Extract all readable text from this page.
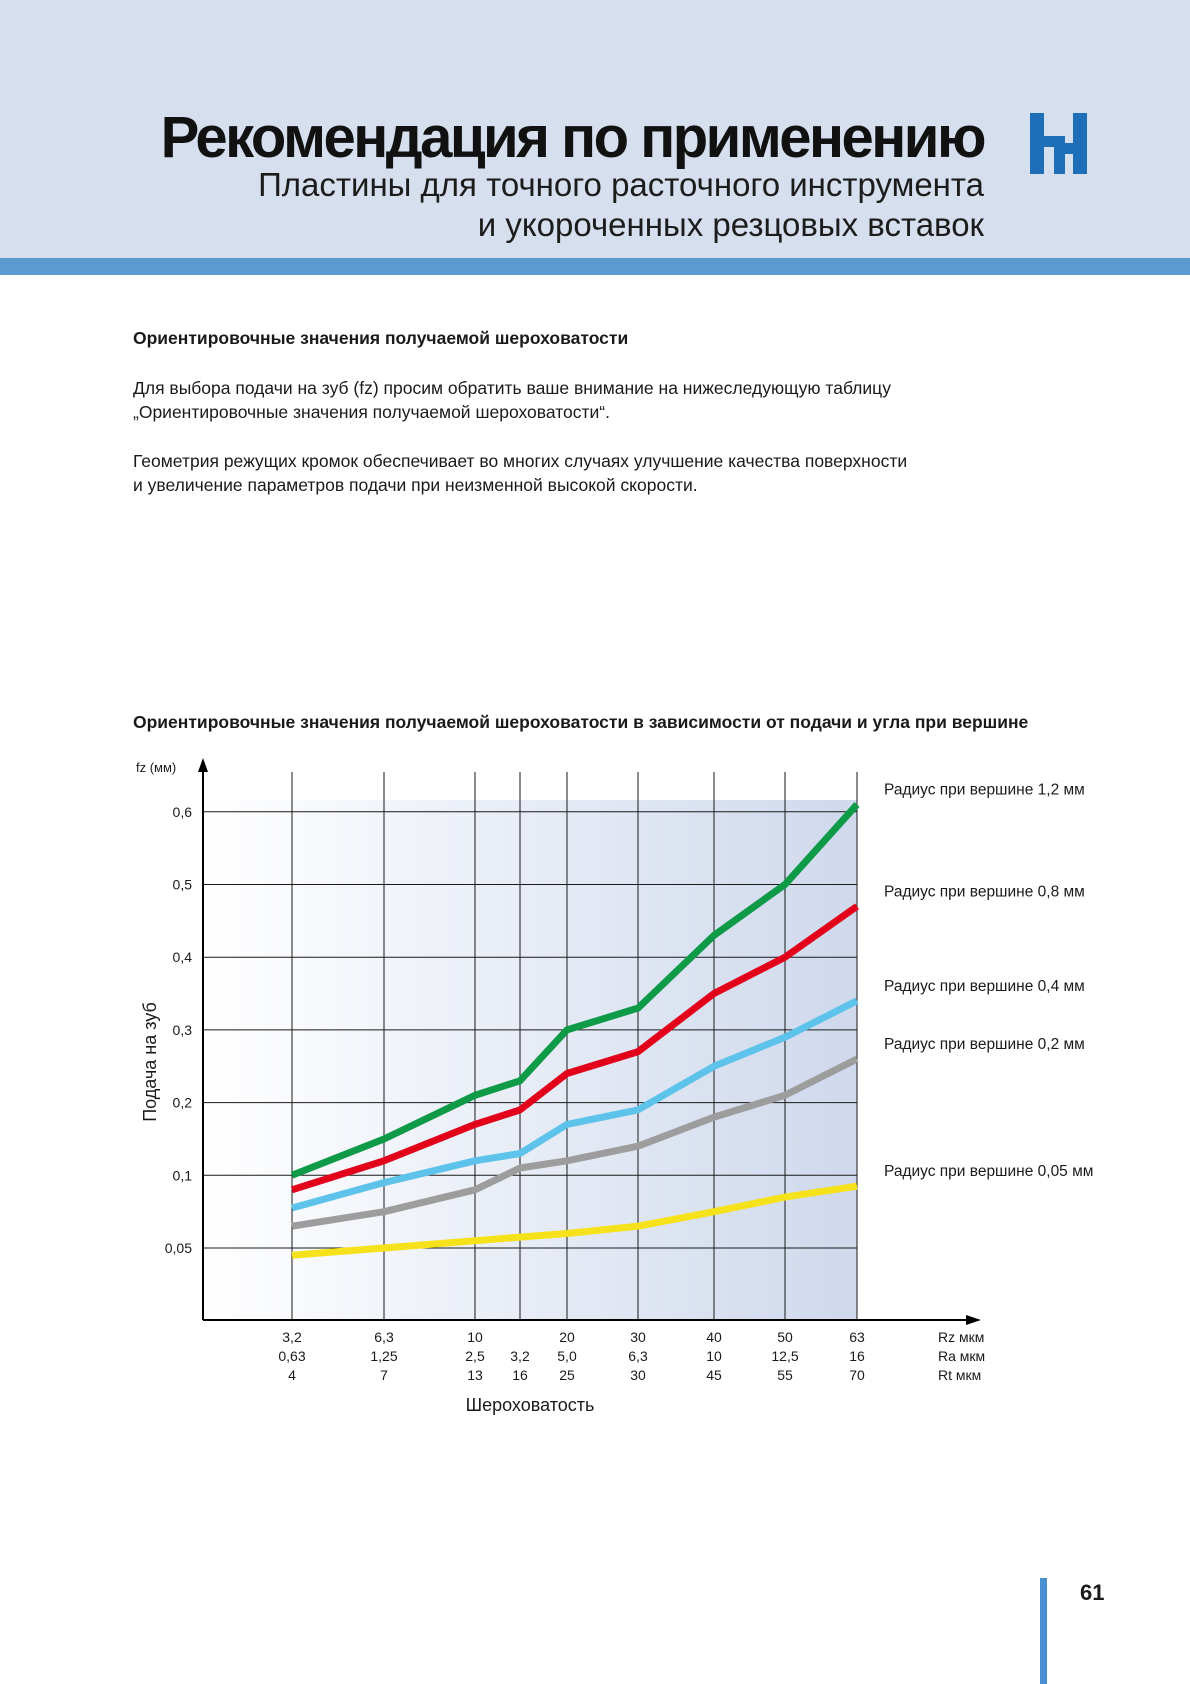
Рекомендация по применению
Пластины для точного расточного инструмента
и укороченных резцовых вставок
Ориентировочные значения получаемой шероховатости
Для выбора подачи на зуб (fz) просим обратить ваше внимание на нижеследующую таблицу
„Ориентировочные значения получаемой шероховатости“.
Геометрия режущих кромок обеспечивает во многих случаях улучшение качества поверхности
и увеличение параметров подачи при неизменной высокой скорости.
Ориентировочные значения получаемой шероховатости в зависимости от подачи и угла при вершине
0,6
0,5
0,4
0,3
0,2
0,1
0,05
3,2
0,63
4
6,3
1,25
7
10
2,5
13
3,2
16
20
5,0
25
30
6,3
30
40
10
45
50
12,5
55
63
16
70
Rz мкм
Ra мкм
Rt мкм
Радиус при вершине 1,2 мм
Радиус при вершине 0,8 мм
Радиус при вершине 0,4 мм
Радиус при вершине 0,2 мм
Радиус при вершине 0,05 мм
fz (мм)
Подача на зуб
Шероховатость
61
